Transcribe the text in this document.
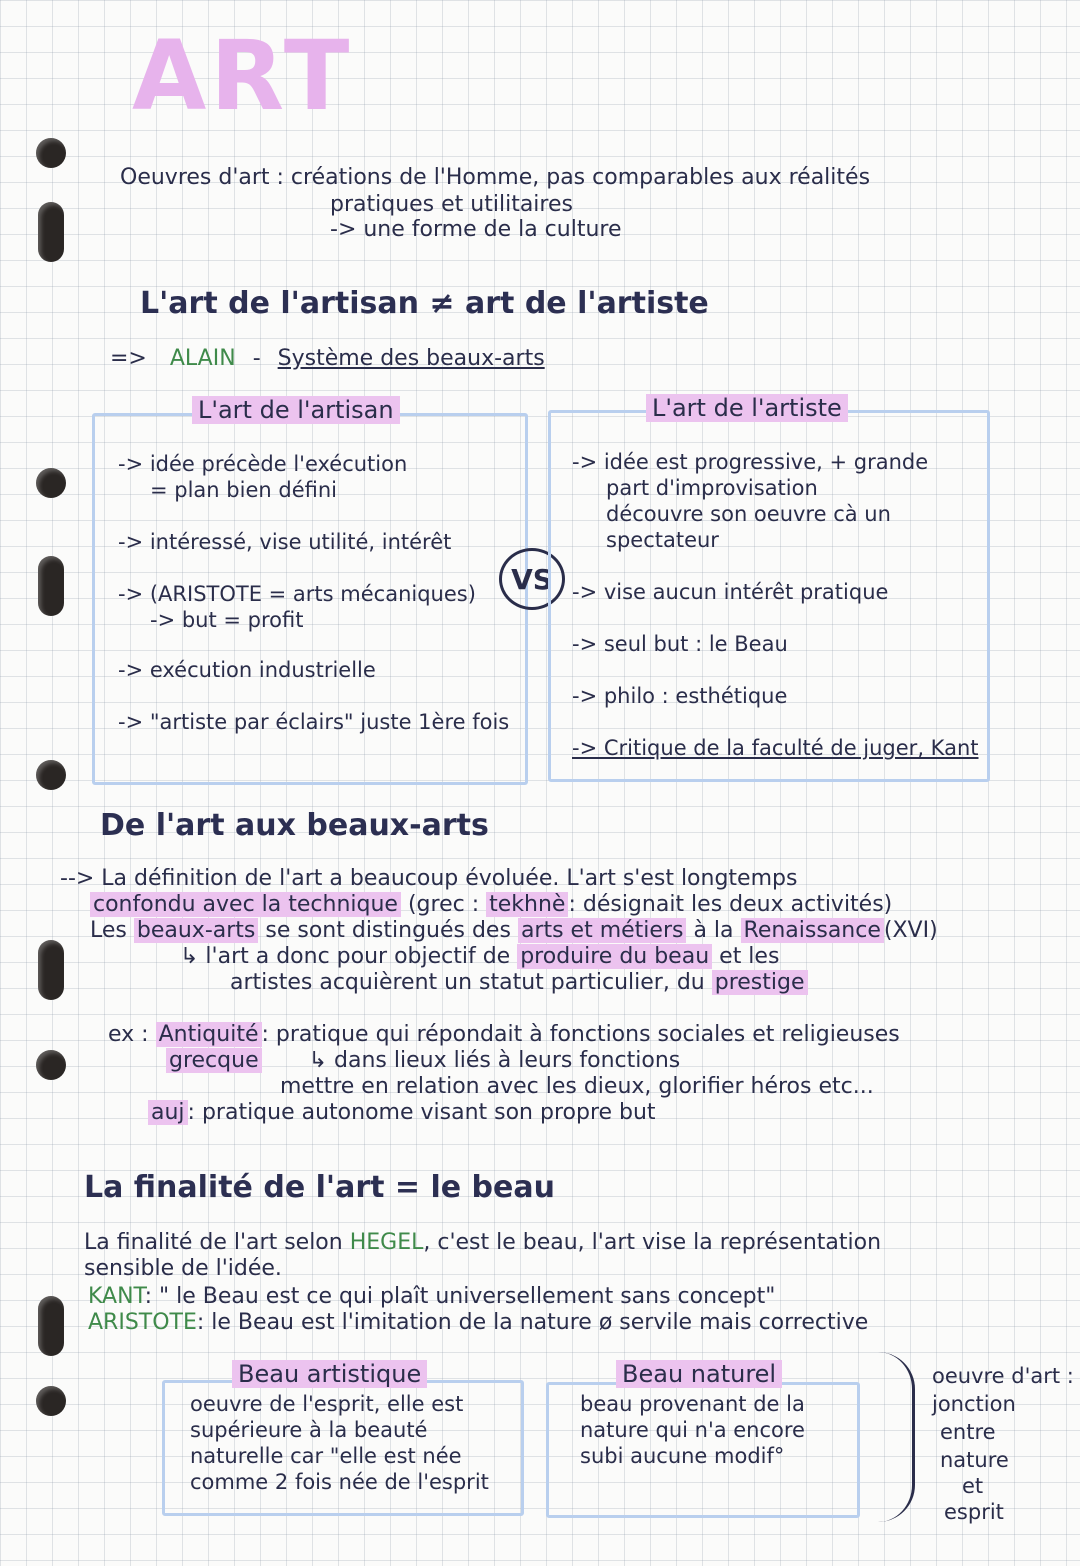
ART
Oeuvres d'art : créations de l'Homme, pas comparables aux réalités
pratiques et utilitaires
-> une forme de la culture
L'art de l'artisan ≠ art de l'artiste
=> ALAIN - Système des beaux-arts
L'art de l'artisan
-> idée précède l'exécution
= plan bien défini
-> intéressé, vise utilité, intérêt
-> (ARISTOTE = arts mécaniques)
-> but = profit
-> exécution industrielle
-> "artiste par éclairs" juste 1ère fois
VS
L'art de l'artiste
-> idée est progressive, + grande
part d'improvisation
découvre son oeuvre cà un
spectateur
-> vise aucun intérêt pratique
-> seul but : le Beau
-> philo : esthétique
-> Critique de la faculté de juger, Kant
De l'art aux beaux-arts
--> La définition de l'art a beaucoup évoluée. L'art s'est longtemps
confondu avec la technique (grec : tekhnè : désignait les deux activités)
Les beaux-arts se sont distingués des arts et métiers à la Renaissance (XVI)
↳ l'art a donc pour objectif de produire du beau et les
artistes acquièrent un statut particulier, du prestige
ex : Antiquité : pratique qui répondait à fonctions sociales et religieuses
grecque ↳ dans lieux liés à leurs fonctions
mettre en relation avec les dieux, glorifier héros etc...
auj : pratique autonome visant son propre but
La finalité de l'art = le beau
La finalité de l'art selon HEGEL, c'est le beau, l'art vise la représentation
sensible de l'idée.
KANT: " le Beau est ce qui plaît universellement sans concept"
ARISTOTE: le Beau est l'imitation de la nature ø servile mais corrective
Beau artistique
oeuvre de l'esprit, elle est
supérieure à la beauté
naturelle car "elle est née
comme 2 fois née de l'esprit
Beau naturel
beau provenant de la
nature qui n'a encore
subi aucune modif°
oeuvre d'art :
jonction
entre
nature
et
esprit
